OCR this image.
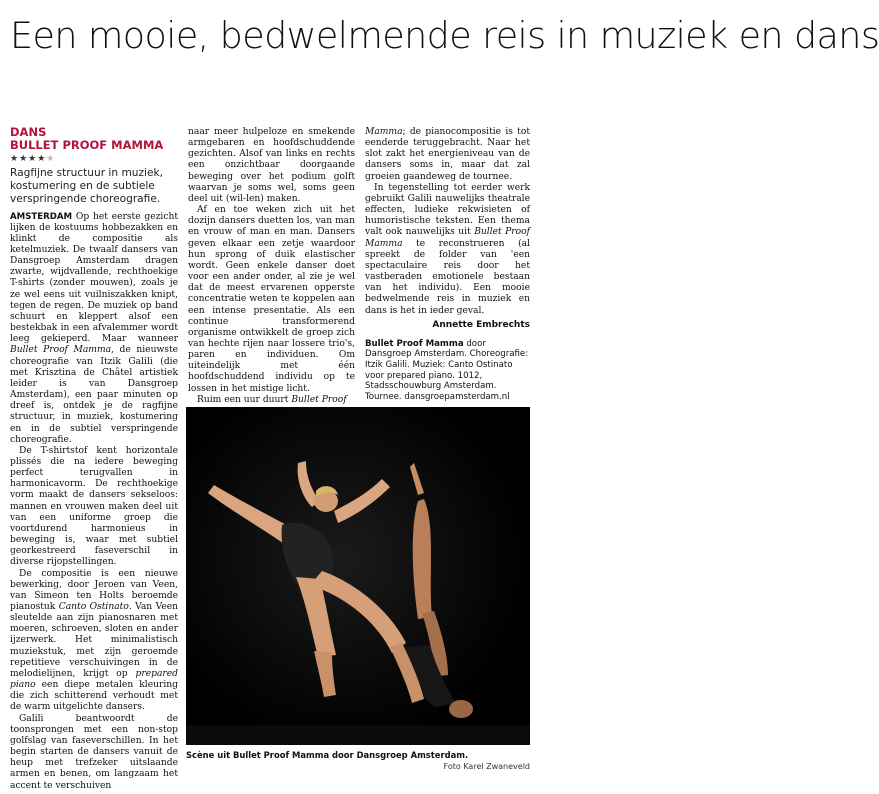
Een mooie, bedwelmende reis in muziek en dans
DANS
BULLET PROOF MAMMA
★★★★★
Ragfijne structuur in muziek, kostumering en de subtiele verspringende choreografie.

AMSTERDAM Op het eerste gezicht lijken de kostuums hobbezakken en klinkt de compositie als ketelmuziek. De twaalf dansers van Dansgroep Amsterdam dragen zwarte, wijdvallende, rechthoekige T-shirts (zonder mouwen), zoals je ze wel eens uit vuilniszakken knipt, tegen de regen. De muziek op band schuurt en kleppert alsof een bestekbak in een afvalemmer wordt leeg gekieperd. Maar wanneer Bullet Proof Mamma, de nieuwste choreografie van Itzik Galili (die met Krisztina de Châtel artistiek leider is van Dansgroep Amsterdam), een paar minuten op dreef is, ontdek je de ragfijne structuur, in muziek, kostumering en in de subtiel verspringende choreografie.

De T-shirtstof kent horizontale plissés die na iedere beweging perfect terugvallen in harmonicavorm. De rechthoekige vorm maakt de dansers sekseloos: mannen en vrouwen maken deel uit van een uniforme groep die voortdurend harmonieus in beweging is, waar met subtiel georkestreerd faseverschil in diverse rijopstellingen.

De compositie is een nieuwe bewerking, door Jeroen van Veen, van Simeon ten Holts beroemde pianostuk Canto Ostinato. Van Veen sleutelde aan zijn pianosnaren met moeren, schroeven, sloten en ander ijzerwerk. Het minimalistisch muziekstuk, met zijn geroemde repetitieve verschuivingen in de melodielijnen, krijgt op prepared piano een diepe metalen kleuring die zich schitterend verhoudt met de warm uitgelichte dansers.

Galili beantwoordt de toonsprongen met een non-stop golfslag van faseverschillen. In het begin starten de dansers vanuit de heup met trefzeker uitslaande armen en benen, om langzaam het accent te verschuiven

naar meer hulpeloze en smekende armgebaren en hoofdschuddende gezichten. Alsof van links en rechts een onzichtbaar doorgaande beweging over het podium golft waarvan je soms wel, soms geen deel uit (wil-len) maken.

Af en toe weken zich uit het dozijn dansers duetten los, van man en vrouw of man en man. Dansers geven elkaar een zetje waardoor hun sprong of duik elastischer wordt. Geen enkele danser doet voor een ander onder, al zie je wel dat de meest ervarenen opperste concentratie weten te koppelen aan een intense presentatie. Als een continue transformerend organisme ontwikkelt de groep zich van hechte rijen naar lossere trio's, paren en individuen. Om uiteindelijk met één hoofdschuddend individu op te lossen in het mistige licht.

Ruim een uur duurt Bullet Proof

Mamma; de pianocompositie is tot eenderde teruggebracht. Naar het slot zakt het energieniveau van de dansers soms in, maar dat zal groeien gaandeweg de tournee.

In tegenstelling tot eerder werk gebruikt Galili nauwelijks theatrale effecten, ludieke rekwisieten of humoristische teksten. Een thema valt ook nauwelijks uit Bullet Proof Mamma te reconstrueren (al spreekt de folder van 'een spectaculaire reis door het vastberaden emotionele bestaan van het individu). Een mooie bedwelmende reis in muziek en dans is het in ieder geval.

Annette Embrechts
Bullet Proof Mamma door Dansgroep Amsterdam. Choreografie: Itzik Galili. Muziek: Canto Ostinato voor prepared piano. 1012, Stadsschouwburg Amsterdam. Tournee. dansgroepamsterdam.nl
Scène uit Bullet Proof Mamma door Dansgroep Amsterdam.
Foto Karel Zwaneveld
